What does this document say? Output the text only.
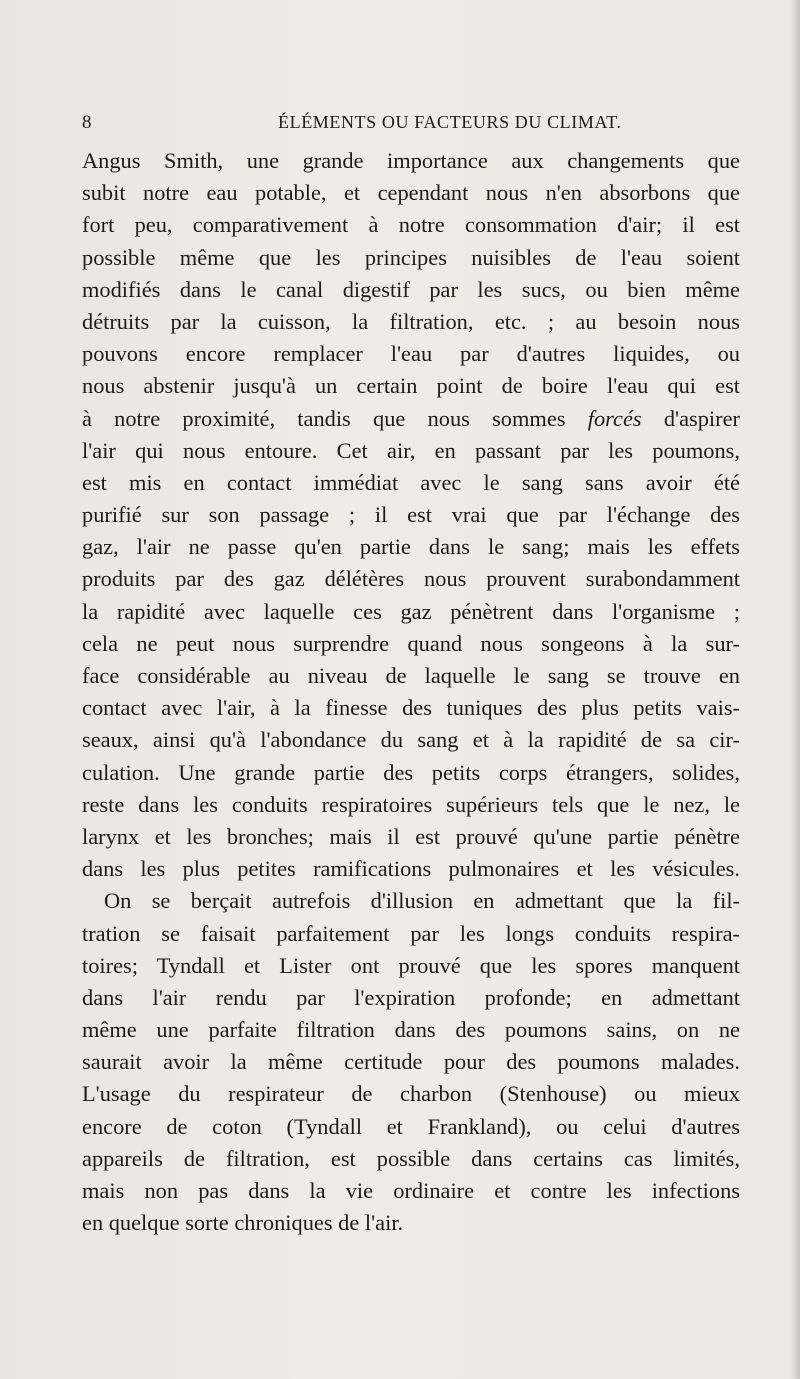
8	ÉLÉMENTS OU FACTEURS DU CLIMAT.
Angus Smith, une grande importance aux changements que
subit notre eau potable, et cependant nous n'en absorbons que
fort peu, comparativement à notre consommation d'air; il est
possible même que les principes nuisibles de l'eau soient
modifiés dans le canal digestif par les sucs, ou bien même
détruits par la cuisson, la filtration, etc. ; au besoin nous
pouvons encore remplacer l'eau par d'autres liquides, ou
nous abstenir jusqu'à un certain point de boire l'eau qui est
à notre proximité, tandis que nous sommes forcés d'aspirer
l'air qui nous entoure. Cet air, en passant par les poumons,
est mis en contact immédiat avec le sang sans avoir été
purifié sur son passage ; il est vrai que par l'échange des
gaz, l'air ne passe qu'en partie dans le sang; mais les effets
produits par des gaz délétères nous prouvent surabondamment
la rapidité avec laquelle ces gaz pénètrent dans l'organisme ;
cela ne peut nous surprendre quand nous songeons à la sur-
face considérable au niveau de laquelle le sang se trouve en
contact avec l'air, à la finesse des tuniques des plus petits vais-
seaux, ainsi qu'à l'abondance du sang et à la rapidité de sa cir-
culation. Une grande partie des petits corps étrangers, solides,
reste dans les conduits respiratoires supérieurs tels que le nez, le
larynx et les bronches; mais il est prouvé qu'une partie pénètre
dans les plus petites ramifications pulmonaires et les vésicules.
On se berçait autrefois d'illusion en admettant que la fil-
tration se faisait parfaitement par les longs conduits respira-
toires; Tyndall et Lister ont prouvé que les spores manquent
dans l'air rendu par l'expiration profonde; en admettant
même une parfaite filtration dans des poumons sains, on ne
saurait avoir la même certitude pour des poumons malades.
L'usage du respirateur de charbon (Stenhouse) ou mieux
encore de coton (Tyndall et Frankland), ou celui d'autres
appareils de filtration, est possible dans certains cas limités,
mais non pas dans la vie ordinaire et contre les infections
en quelque sorte chroniques de l'air.
